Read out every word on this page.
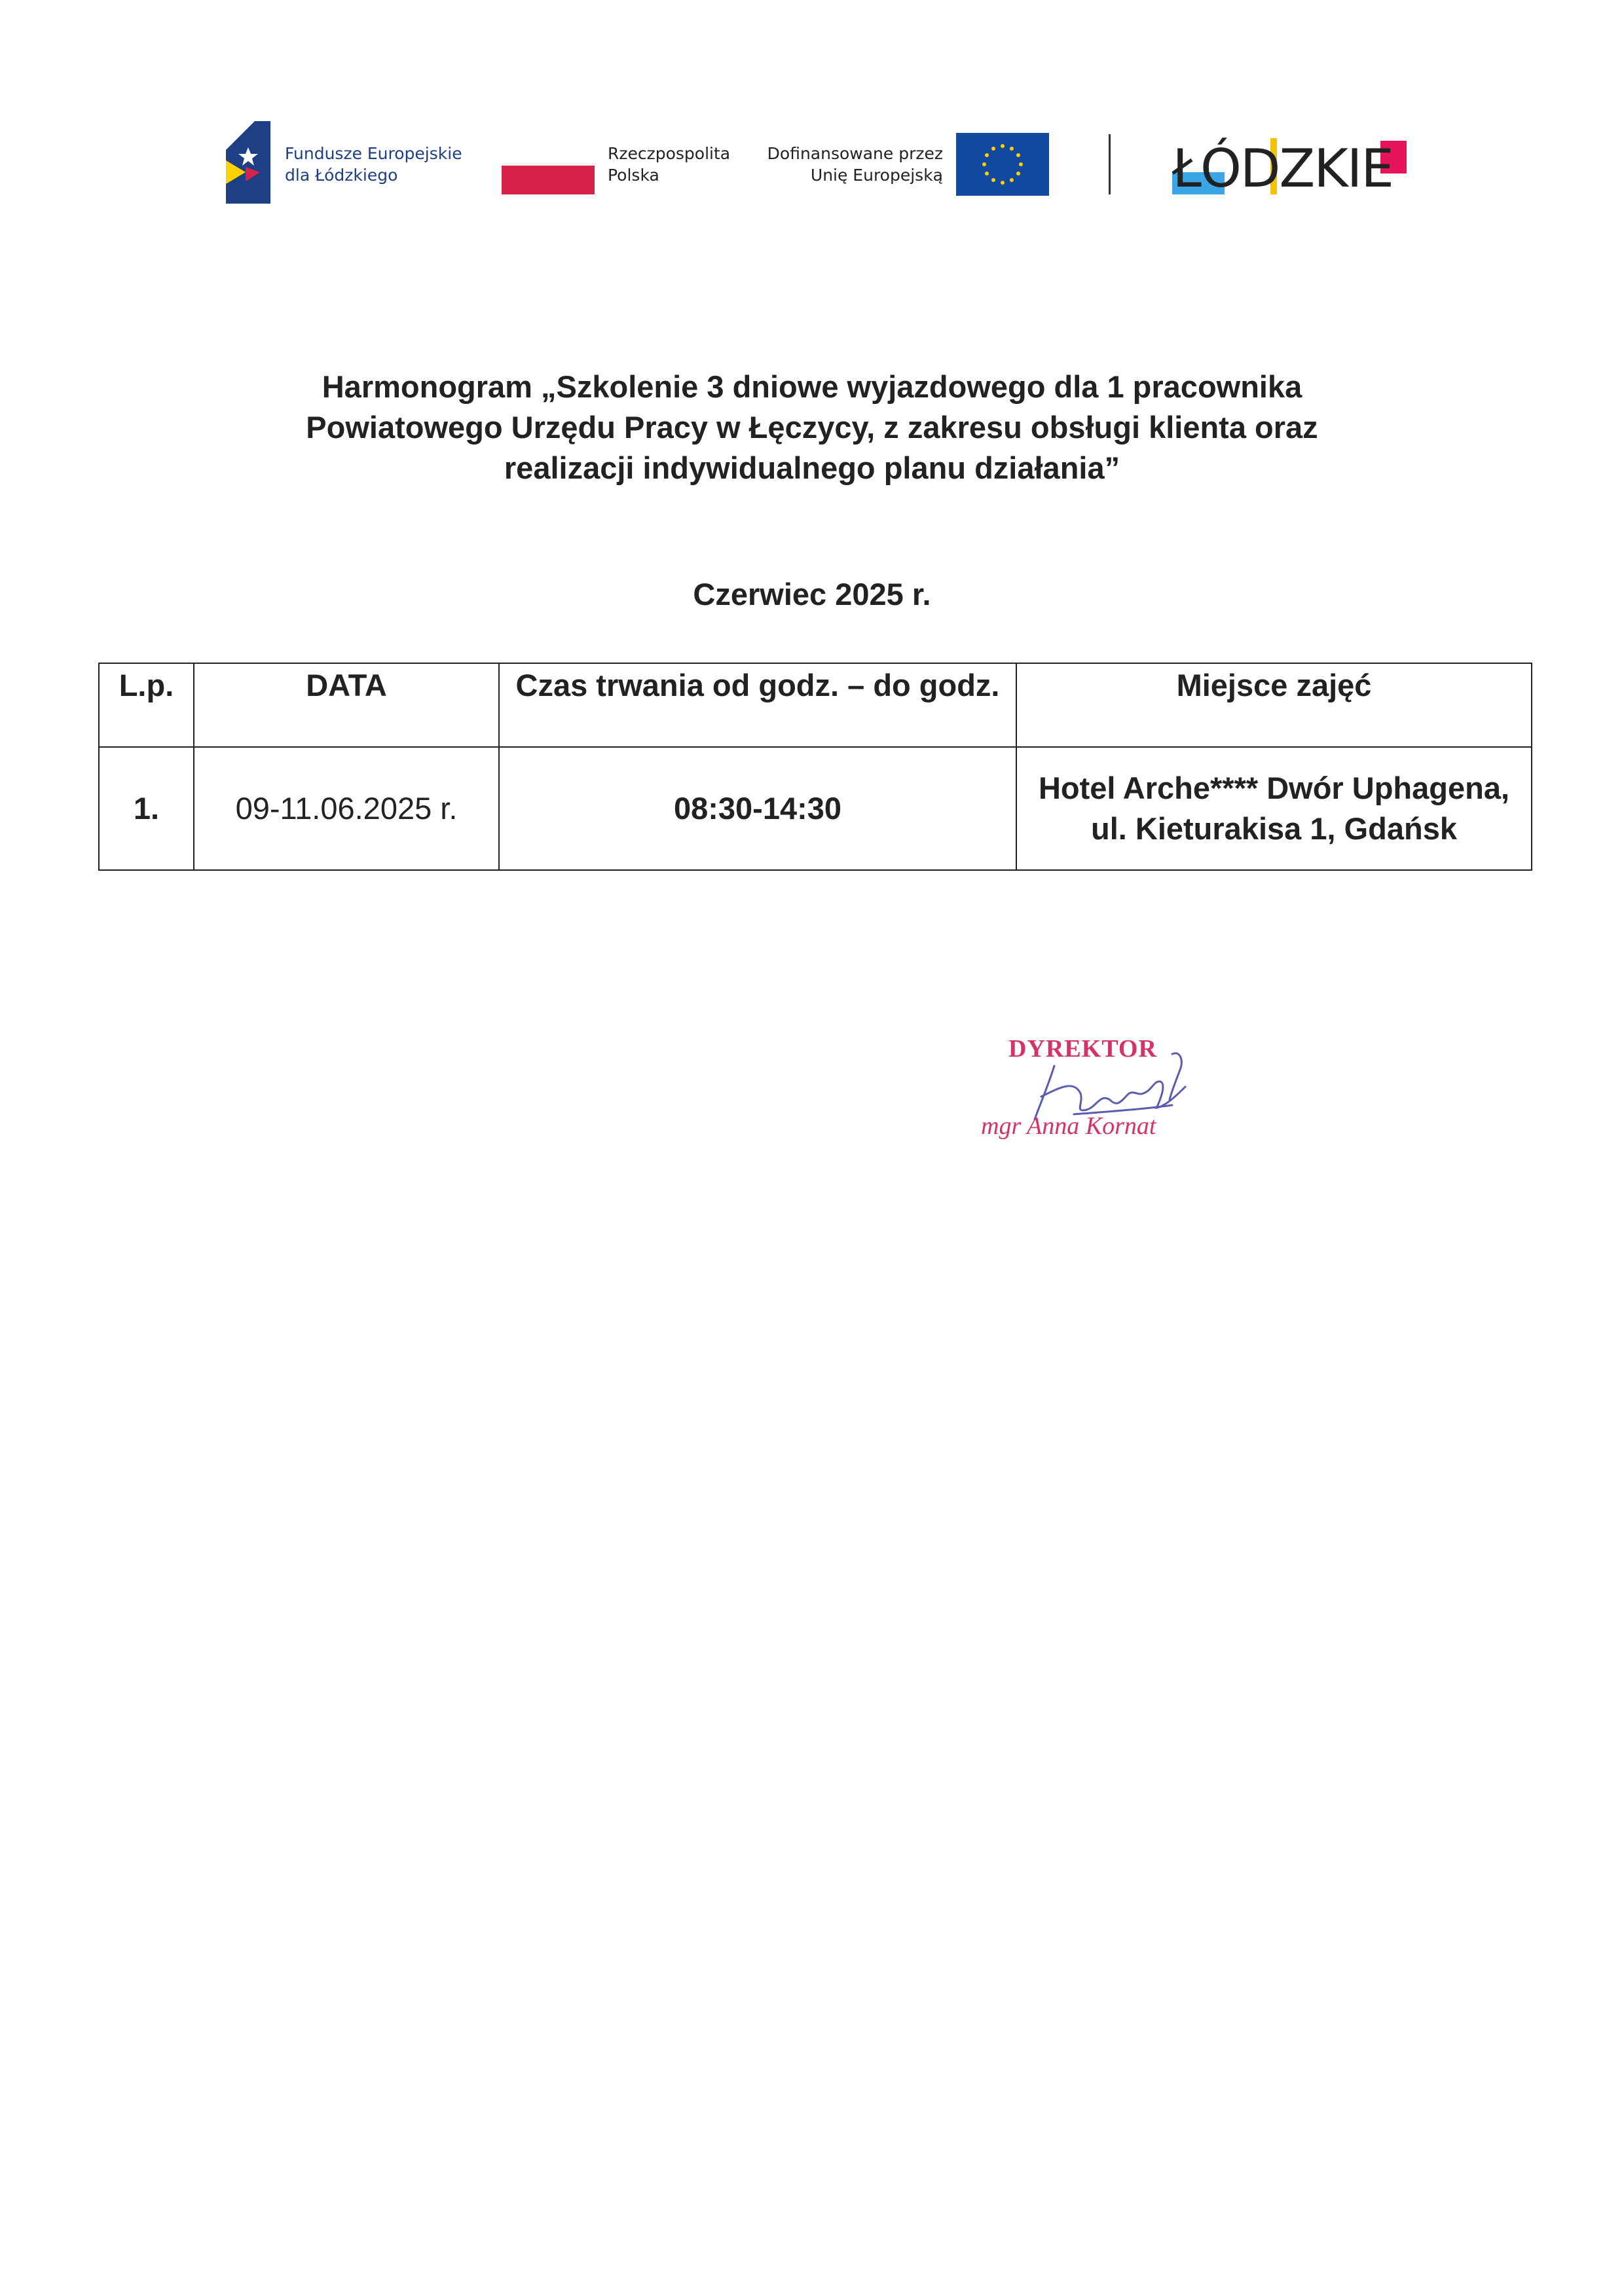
Fundusze Europejskie
dla Łódzkiego
Rzeczpospolita
Polska
Dofinansowane przez
Unię Europejską	ŁÓDZKIE
Harmonogram „Szkolenie 3 dniowe wyjazdowego dla 1 pracownika
Powiatowego Urzędu Pracy w Łęczycy, z zakresu obsługi klienta oraz
realizacji indywidualnego planu działania”
Czerwiec 2025 r.
L.p.	DATA	Czas trwania od godz. – do godz.	Miejsce zajęć
1.	09-11.06.2025 r.	08:30-14:30	Hotel Arche**** Dwór Uphagena, ul. Kieturakisa 1, Gdańsk
DYREKTOR
mgr Anna Kornat
